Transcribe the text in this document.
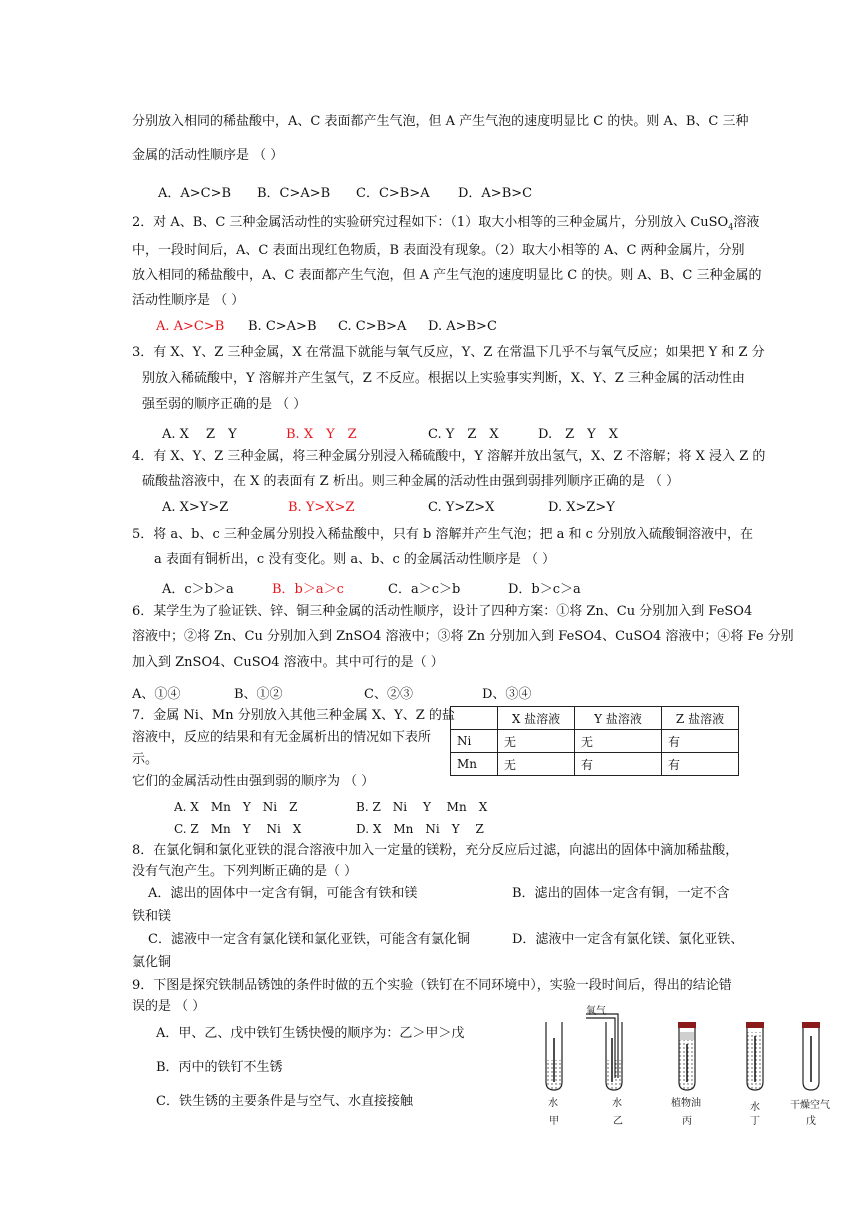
分别放入相同的稀盐酸中，A、C 表面都产生气泡，但 A 产生气泡的速度明显比 C 的快。则 A、B、C 三种
金属的活动性顺序是 （ ）
A．A>C>B B．C>A>B C．C>B>A D．A>B>C
2．对 A、B、C 三种金属活动性的实验研究过程如下：（1）取大小相等的三种金属片，分别放入 CuSO$_4$溶液
中，一段时间后，A、C 表面出现红色物质，B 表面没有现象。（2）取大小相等的 A、C 两种金属片，分别
放入相同的稀盐酸中，A、C 表面都产生气泡，但 A 产生气泡的速度明显比 C 的快。则 A、B、C 三种金属的
活动性顺序是 （ ）
A. A>C>B B. C>A>B C. C>B>A D. A>B>C
3．有 X、Y、Z 三种金属，X 在常温下就能与氧气反应，Y、Z 在常温下几乎不与氧气反应；如果把 Y 和 Z 分
别放入稀硫酸中，Y 溶解并产生氢气，Z 不反应。根据以上实验事实判断，X、Y、Z 三种金属的活动性由
强至弱的顺序正确的是 （ ）
A. X　 Z　Y	B. X　Y　Z	C. Y　Z　X	D.　Z　Y　X
4．有 X、Y、Z 三种金属，将三种金属分别浸入稀硫酸中，Y 溶解并放出氢气，X、Z 不溶解；将 X 浸入 Z 的
硫酸盐溶液中，在 X 的表面有 Z 析出。则三种金属的活动性由强到弱排列顺序正确的是 （ ）
A. X>Y>Z	B. Y>X>Z	C. Y>Z>X	D. X>Z>Y
5．将 a、b、c 三种金属分别投入稀盐酸中，只有 b 溶解并产生气泡；把 a 和 c 分别放入硫酸铜溶液中，在
a 表面有铜析出，c 没有变化。则 a、b、c 的金属活动性顺序是 （ ）
A．c＞b＞a	B．b＞a＞c	C．a＞c＞b	D．b＞c＞a
6．某学生为了验证铁、锌、铜三种金属的活动性顺序，设计了四种方案：①将 Zn、Cu 分别加入到 FeSO4
溶液中；②将 Zn、Cu 分别加入到 ZnSO4 溶液中；③将 Zn 分别加入到 FeSO4、CuSO4 溶液中；④将 Fe 分别
加入到 ZnSO4、CuSO4 溶液中。其中可行的是（ ）
A、①④	B、①②	C、②③	D、③④
7．金属 Ni、Mn 分别放入其他三种金属 X、Y、Z 的盐
溶液中，反应的结果和有无金属析出的情况如下表所
示。
它们的金属活动性由强到弱的顺序为 （ ）
A. X　Mn　Y　Ni　Z	B. Z　Ni　 Y　 Mn　X
C. Z　Mn　Y　 Ni　X	D. X　Mn　Ni　Y　 Z
	X 盐溶液	Y 盐溶液	Z 盐溶液
Ni	无	无	有
Mn	无	有	有
8．在氯化铜和氯化亚铁的混合溶液中加入一定量的镁粉，充分反应后过滤，向滤出的固体中滴加稀盐酸，
没有气泡产生。下列判断正确的是（ ）
A．滤出的固体中一定含有铜，可能含有铁和镁	B．滤出的固体一定含有铜，一定不含
铁和镁
C．滤液中一定含有氯化镁和氯化亚铁，可能含有氯化铜	D．滤液中一定含有氯化镁、氯化亚铁、
氯化铜
9．下图是探究铁制品锈蚀的条件时做的五个实验（铁钉在不同环境中），实验一段时间后，得出的结论错
误的是 （ ）
A．甲、乙、戊中铁钉生锈快慢的顺序为：乙＞甲＞戊
B．丙中的铁钉不生锈
C．铁生锈的主要条件是与空气、水直接接触
氧气
水
甲
水
乙
植物油
丙
水
丁
干燥空气
戊
